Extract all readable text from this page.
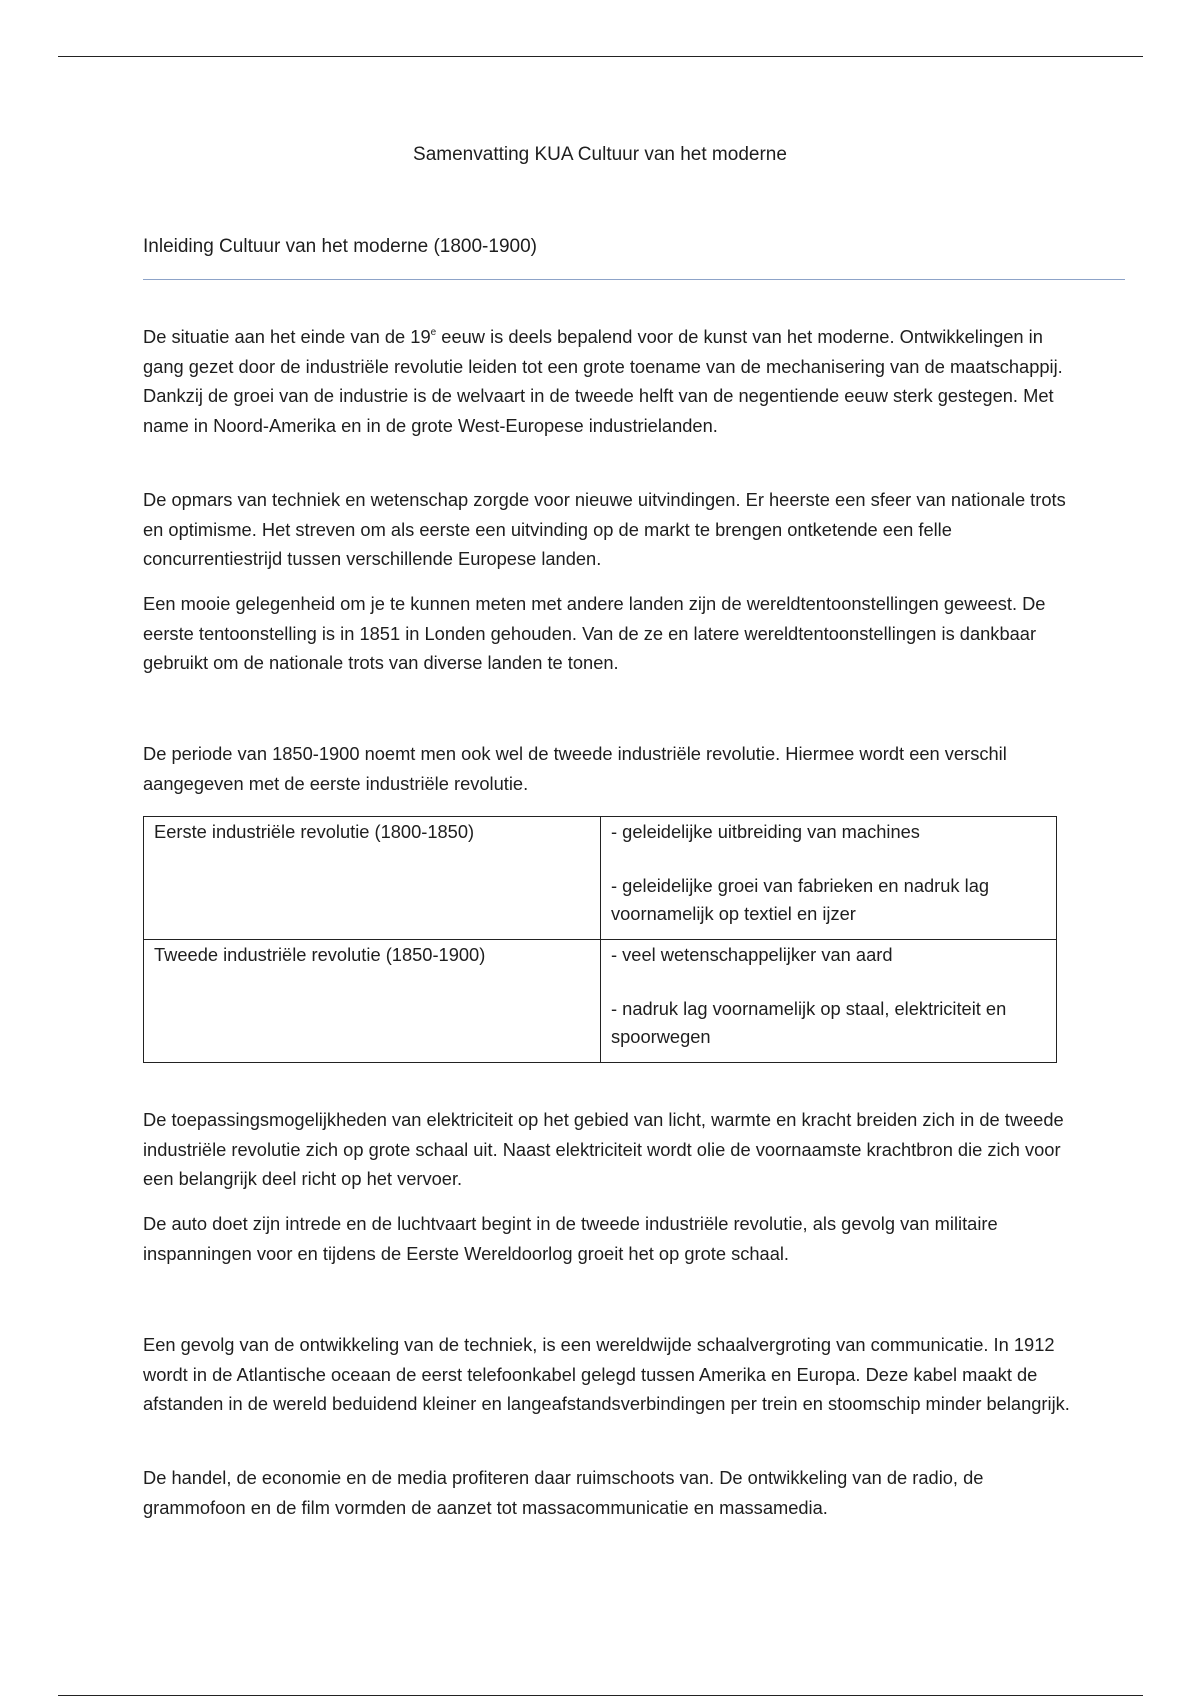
Samenvatting KUA Cultuur van het moderne
Inleiding Cultuur van het moderne (1800-1900)

De situatie aan het einde van de 19e eeuw is deels bepalend voor de kunst van het moderne. Ontwikkelingen in gang gezet door de industriële revolutie leiden tot een grote toename van de mechanisering van de maatschappij. Dankzij de groei van de industrie is de welvaart in de tweede helft van de negentiende eeuw sterk gestegen. Met name in Noord-Amerika en in de grote West-Europese industrielanden.

De opmars van techniek en wetenschap zorgde voor nieuwe uitvindingen. Er heerste een sfeer van nationale trots en optimisme. Het streven om als eerste een uitvinding op de markt te brengen ontketende een felle concurrentiestrijd tussen verschillende Europese landen.

Een mooie gelegenheid om je te kunnen meten met andere landen zijn de wereldtentoonstellingen geweest. De eerste tentoonstelling is in 1851 in Londen gehouden. Van de ze en latere wereldtentoonstellingen is dankbaar gebruikt om de nationale trots van diverse landen te tonen.

De periode van 1850-1900 noemt men ook wel de tweede industriële revolutie. Hiermee wordt een verschil aangegeven met de eerste industriële revolutie.

Eerste industriële revolutie (1800-1850)	- geleidelijke uitbreiding van machines
- geleidelijke groei van fabrieken en nadruk lag voornamelijk op textiel en ijzer

Tweede industriële revolutie (1850-1900)	- veel wetenschappelijker van aard
- nadruk lag voornamelijk op staal, elektriciteit en spoorwegen

De toepassingsmogelijkheden van elektriciteit op het gebied van licht, warmte en kracht breiden zich in de tweede industriële revolutie zich op grote schaal uit. Naast elektriciteit wordt olie de voornaamste krachtbron die zich voor een belangrijk deel richt op het vervoer.

De auto doet zijn intrede en de luchtvaart begint in de tweede industriële revolutie, als gevolg van militaire inspanningen voor en tijdens de Eerste Wereldoorlog groeit het op grote schaal.

Een gevolg van de ontwikkeling van de techniek, is een wereldwijde schaalvergroting van communicatie. In 1912 wordt in de Atlantische oceaan de eerst telefoonkabel gelegd tussen Amerika en Europa. Deze kabel maakt de afstanden in de wereld beduidend kleiner en langeafstandsverbindingen per trein en stoomschip minder belangrijk.

De handel, de economie en de media profiteren daar ruimschoots van. De ontwikkeling van de radio, de grammofoon en de film vormden de aanzet tot massacommunicatie en massamedia.
